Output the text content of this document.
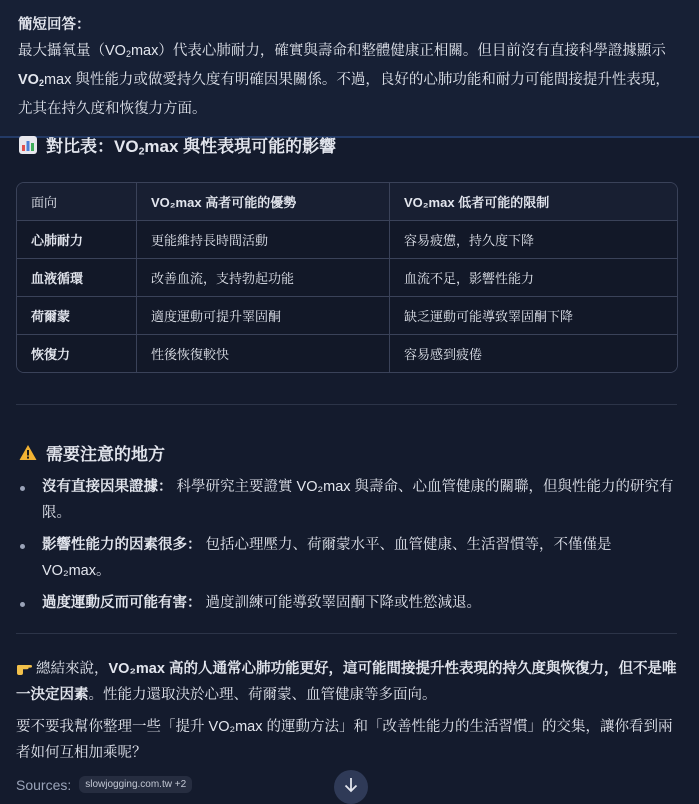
簡短回答：
最大攝氧量$(VO_2\max)$代表心肺耐力，確實與壽命和整體健康正相關。但目前沒有直接科學證據顯示
$VO_2\max$ 與性能力或做愛持久度有明確因果關係。不過，良好的心肺功能和耐力可能間接提升性表現，
尤其在持久度和恢復力方面。
對比表：$VO_2\max$ 與性表現可能的影響
面向	VO₂max 高者可能的優勢	VO₂max 低者可能的限制
心肺耐力	更能維持長時間活動	容易疲憊，持久度下降
血液循環	改善血流，支持勃起功能	血流不足，影響性能力
荷爾蒙	適度運動可提升睪固酮	缺乏運動可能導致睪固酮下降
恢復力	性後恢復較快	容易感到疲倦
需要注意的地方
沒有直接因果證據： 科學研究主要證實 VO₂max 與壽命、心血管健康的關聯，但與性能力的研究有限。
影響性能力的因素很多： 包括心理壓力、荷爾蒙水平、血管健康、生活習慣等，不僅僅是 VO₂max。
過度運動反而可能有害： 過度訓練可能導致睪固酮下降或性慾減退。
總結來說，VO₂max 高的人通常心肺功能更好，這可能間接提升性表現的持久度與恢復力，但不是唯一決定因素。性能力還取決於心理、荷爾蒙、血管健康等多面向。
要不要我幫你整理一些「提升 VO₂max 的運動方法」和「改善性能力的生活習慣」的交集，讓你看到兩者如何互相加乘呢？
Sources:	slowjogging.com.tw +2
